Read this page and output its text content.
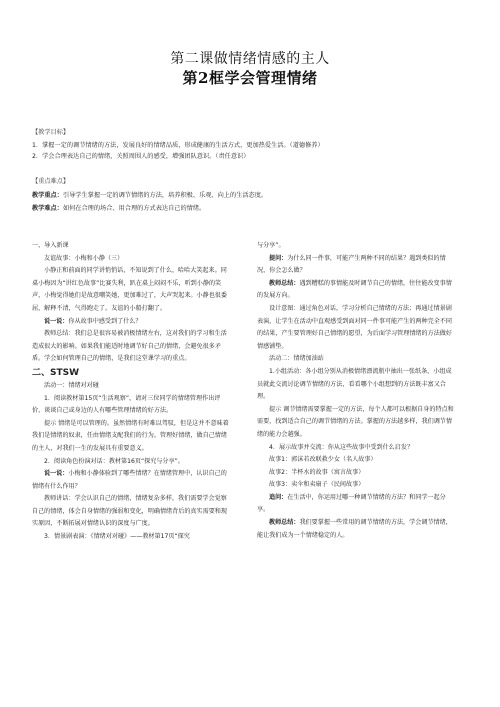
第二课做情绪情感的主人
第2框学会管理情绪
【教学目标】
1．掌握一定的调节情绪的方法，发展良好的情绪品质，形成健康的生活方式，更加热爱生活。（道德修养）
2．学会合理表达自己的情绪，关照周围人的感受，增强团队意识。（责任意识）
【重点难点】
教学重点：引导学生掌握一定的调节情绪的方法，培养积极、乐观、向上的生活态度。
教学难点：如何在合理的场合、用合理的方式表达自己的情绪。

一、导入新课

友谊故事：小梅和小静（三）

小静正和前面的同学讲悄悄话，不知说到了什么，哈哈大笑起来。同桌小梅因为“讲红色故事”比赛失利，趴在桌上闷闷不乐，听到小静的笑声，小梅觉得她们是故意嘲笑她，更加难过了，大声哭起来。小静也很委屈，解释不清，气得跑走了。友谊的小船打翻了。

说一说：你从故事中感受到了什么？

教师总结：我们总是很容易被消极情绪左右，这对我们的学习和生活造成很大的影响。如果我们能适时地调节好自己的情绪，会避免很多矛盾。学会如何管理自己的情绪，是我们这堂课学习的重点。

二、STSW

活动一：情绪对对碰

1．阅读教材第15页“生活观察”，请对三位同学的情绪管理作出评价，谈谈自己或身边的人有哪些管理情绪的好方法。

提示 情绪是可以管理的。虽然情绪有时难以驾驭，但是这并不意味着我们是情绪的奴隶，任由情绪支配我们的行为。管理好情绪，做自己情绪的主人，对我们一生的发展具有重要意义。

2．阅读角色扮演对话：教材第16页“探究与分享”。

说一说：小梅和小静体验到了哪些情绪？在情绪管理中，认识自己的情绪有什么作用？

教师讲话：学会认识自己的情绪，情绪复杂多样，我们需要学会觉察自己的情绪，体会自身情绪的强弱和变化，明确情绪背后的真实需要和现实原因，不断拓展对情绪认识的深度与广度。

3．情景剧表演：《情绪对对碰》——教材第17页“探究

与分享”。

提问：为什么同一件事，可能产生两种不同的结果？遇到类似的情况，你会怎么做？

教师总结：遇到糟糕的事情能及时调节自己的情绪，往往能改变事情的发展方向。

设计意图：通过角色对话，学习分析自己情绪的方法；再通过情景剧表演，让学生在活动中直观感受到面对同一件事可能产生的两种完全不同的结果，产生要管理好自己情绪的愿望，为后面学习管理情绪的方法做好情感铺垫。

活动二：情绪加油站

1.小组活动：各小组分别从消极情绪漂流瓶中抽出一张纸条，小组成员就此交流讨论调节情绪的方法，看看哪个小组想到的方法既丰富又合理。

提示 调节情绪需要掌握一定的方法，每个人都可以根据自身的特点和需要，找到适合自己的调节情绪的方法。掌握的方法越多样，我们调节情绪的能力会越强。

4．展示故事并交流：你从这些故事中受到什么启发？

故事1：郭沫若改联救少女（名人故事）

故事2：半杯水的故事（寓言故事）

故事3：卖伞和卖扇子（民间故事）

追问：在生活中，你运用过哪一种调节情绪的方法？和同学一起分享。

教师总结：我们要掌握一些常用的调节情绪的方法，学会调节情绪，能让我们成为一个情绪稳定的人。
